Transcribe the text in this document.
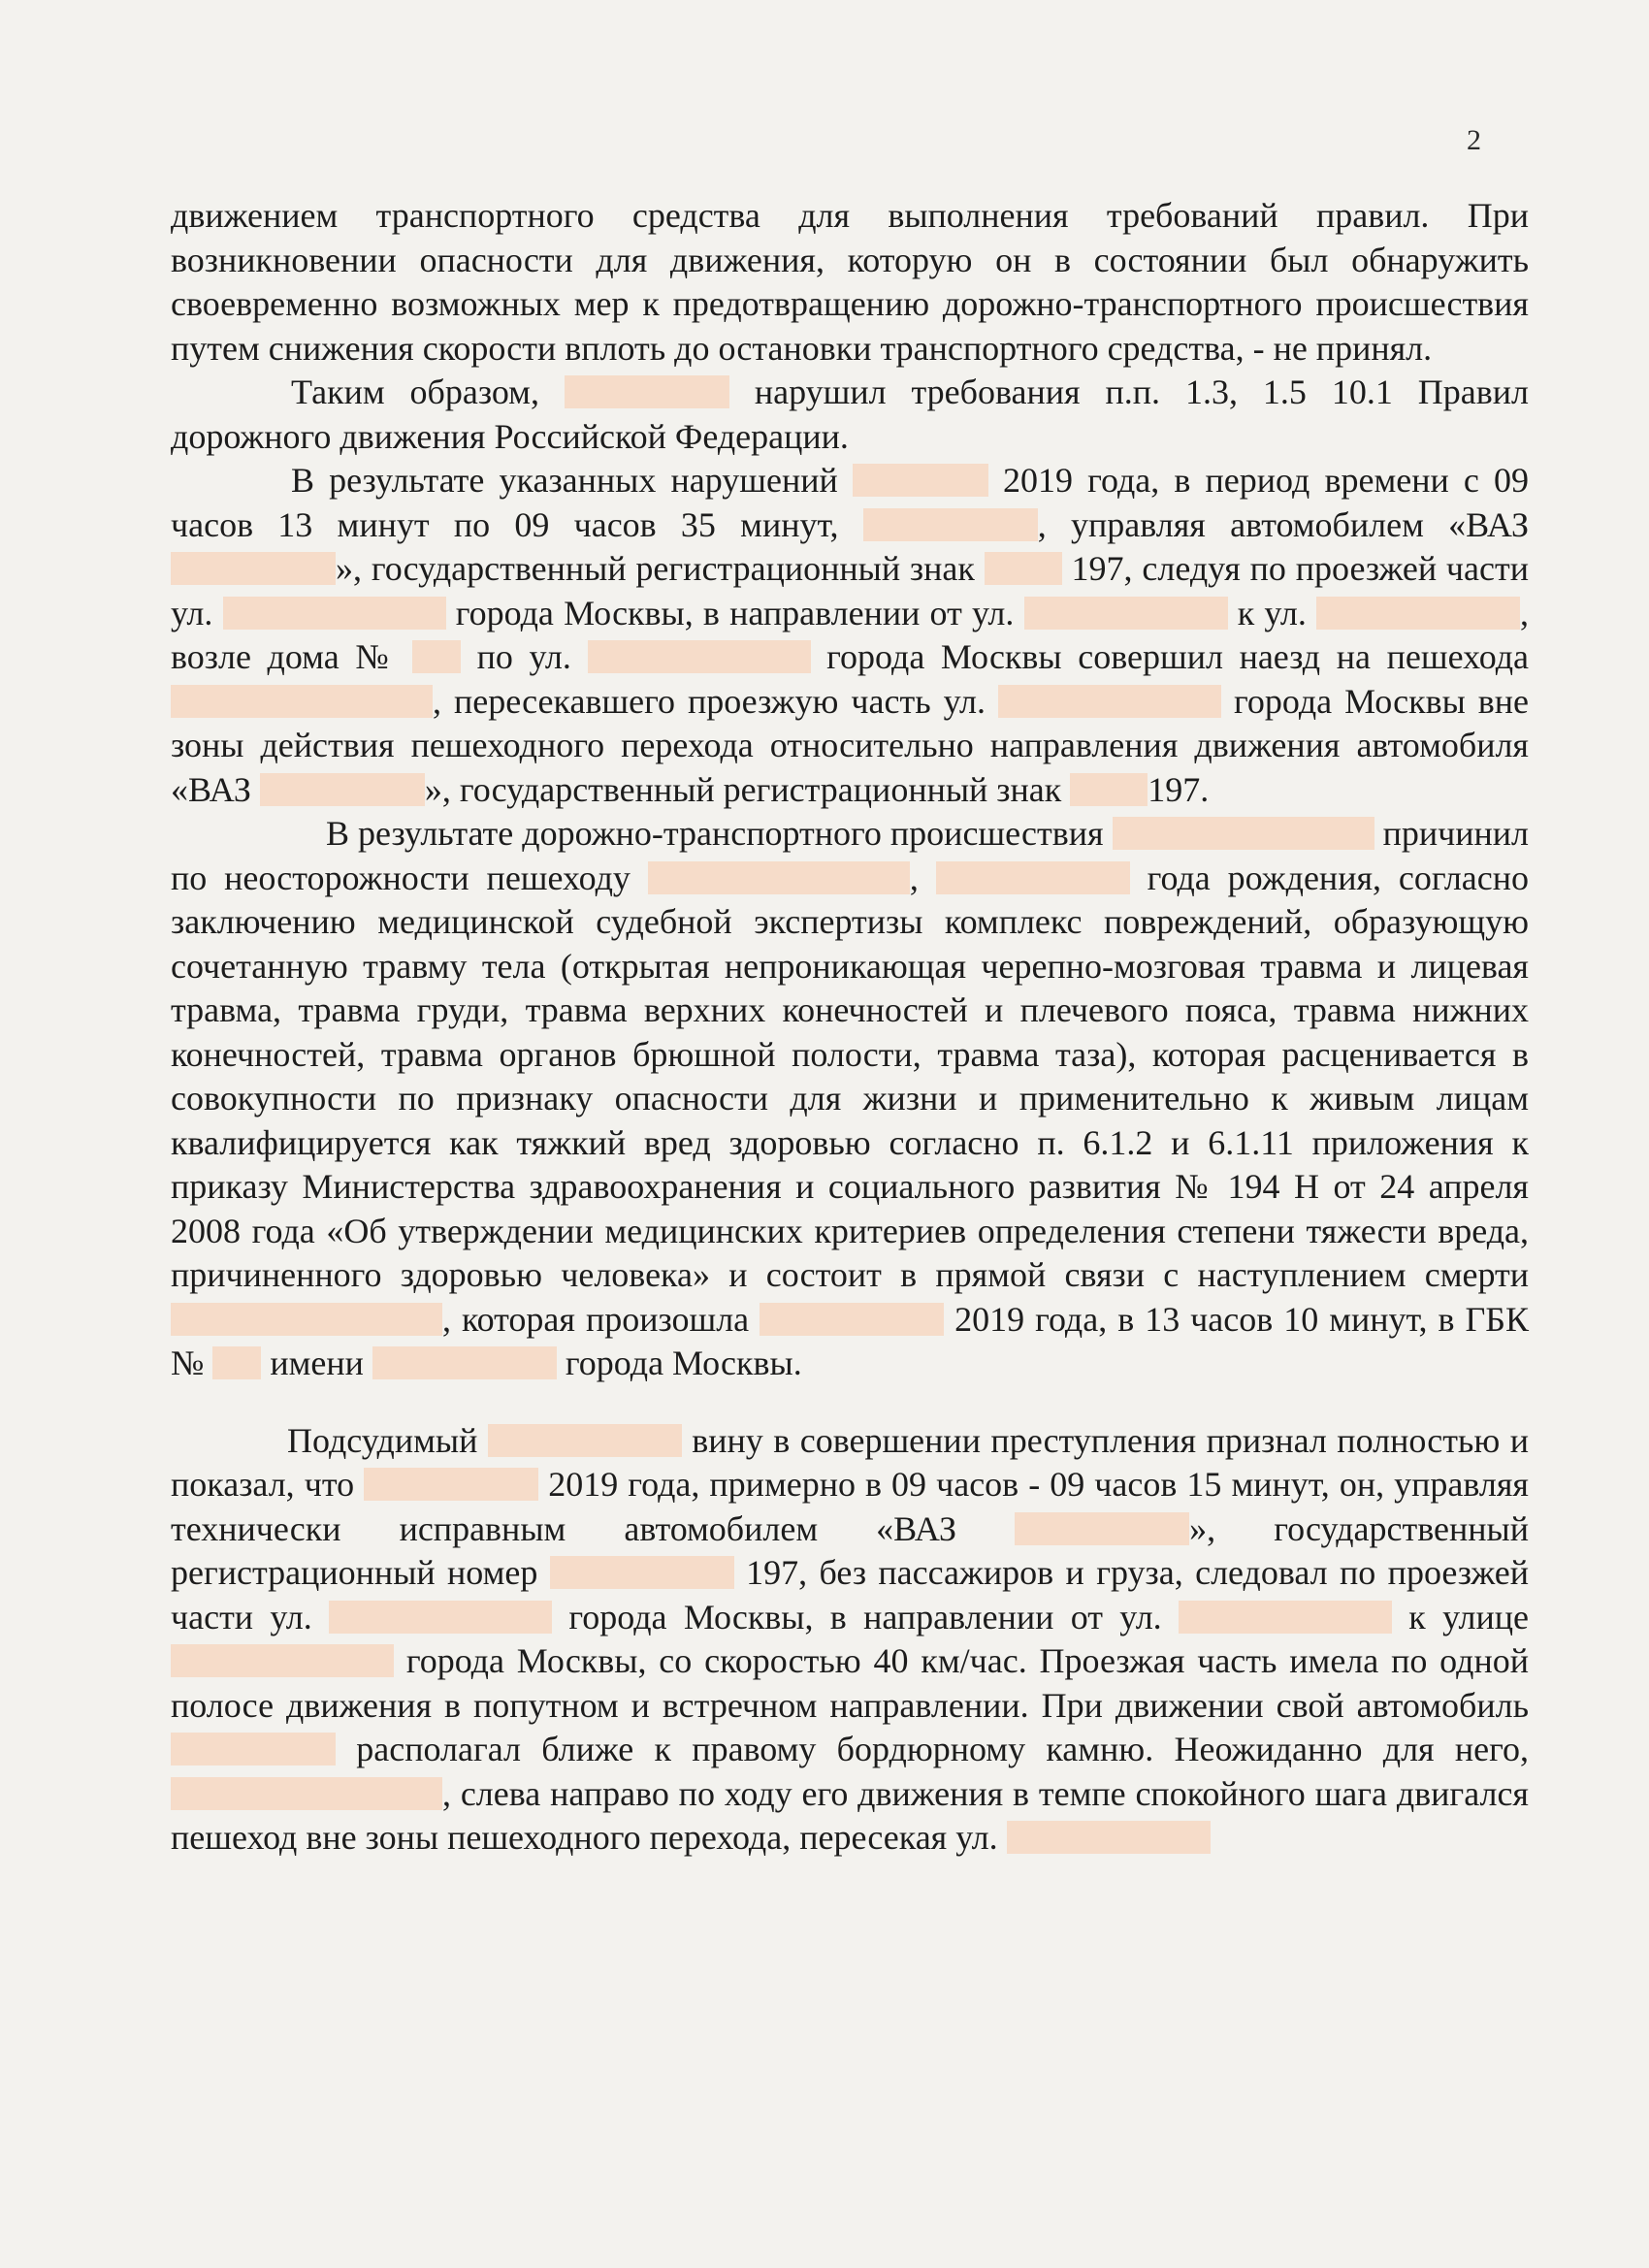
2

движением транспортного средства для выполнения требований правил. При возникновении опасности для движения, которую он в состоянии был обнаружить своевременно возможных мер к предотвращению дорожно-транспортного происшествия путем снижения скорости вплоть до остановки транспортного средства, - не принял.

Таким образом,	нарушил требования п.п. 1.3, 1.5 10.1 Правил дорожного движения Российской Федерации.

В результате указанных нарушений	2019 года, в период времени с 09 часов 13 минут по 09 часов 35 минут,	, управляя автомобилем «ВАЗ », государственный регистрационный знак  197, следуя по проезжей части ул.	города Москвы, в направлении от ул.	к ул.	, возле дома №  по ул.	города Москвы совершил наезд на пешехода , пересекавшего проезжую часть ул.	города Москвы вне зоны действия пешеходного перехода относительно направления движения автомобиля «ВАЗ	», государственный регистрационный знак 197.

В результате дорожно-транспортного происшествия	причинил по неосторожности пешеходу	,	года рождения, согласно заключению медицинской судебной экспертизы комплекс повреждений, образующую сочетанную травму тела (открытая непроникающая черепно-мозговая травма и лицевая травма, травма груди, травма верхних конечностей и плечевого пояса, травма нижних конечностей, травма органов брюшной полости, травма таза), которая расценивается в совокупности по признаку опасности для жизни и применительно к живым лицам квалифицируется как тяжкий вред здоровью согласно п. 6.1.2 и 6.1.11 приложения к приказу Министерства здравоохранения и социального развития № 194 Н от 24 апреля 2008 года «Об утверждении медицинских критериев определения степени тяжести вреда, причиненного здоровью человека» и состоит в прямой связи с наступлением смерти , которая произошла	2019 года, в 13 часов 10 минут, в ГБК №  имени	города Москвы.

Подсудимый	вину в совершении преступления признал полностью и показал, что	2019 года, примерно в 09 часов - 09 часов 15 минут, он, управляя технически исправным автомобилем «ВАЗ	», государственный регистрационный номер	197, без пассажиров и груза, следовал по проезжей части ул.	города Москвы, в направлении от ул.	к улице  города Москвы, со скоростью 40 км/час. Проезжая часть имела по одной полосе движения в попутном и встречном направлении. При движении свой автомобиль  располагал ближе к правому бордюрному камню. Неожиданно для него, , слева направо по ходу его движения в темпе спокойного шага двигался пешеход вне зоны пешеходного перехода, пересекая ул.
